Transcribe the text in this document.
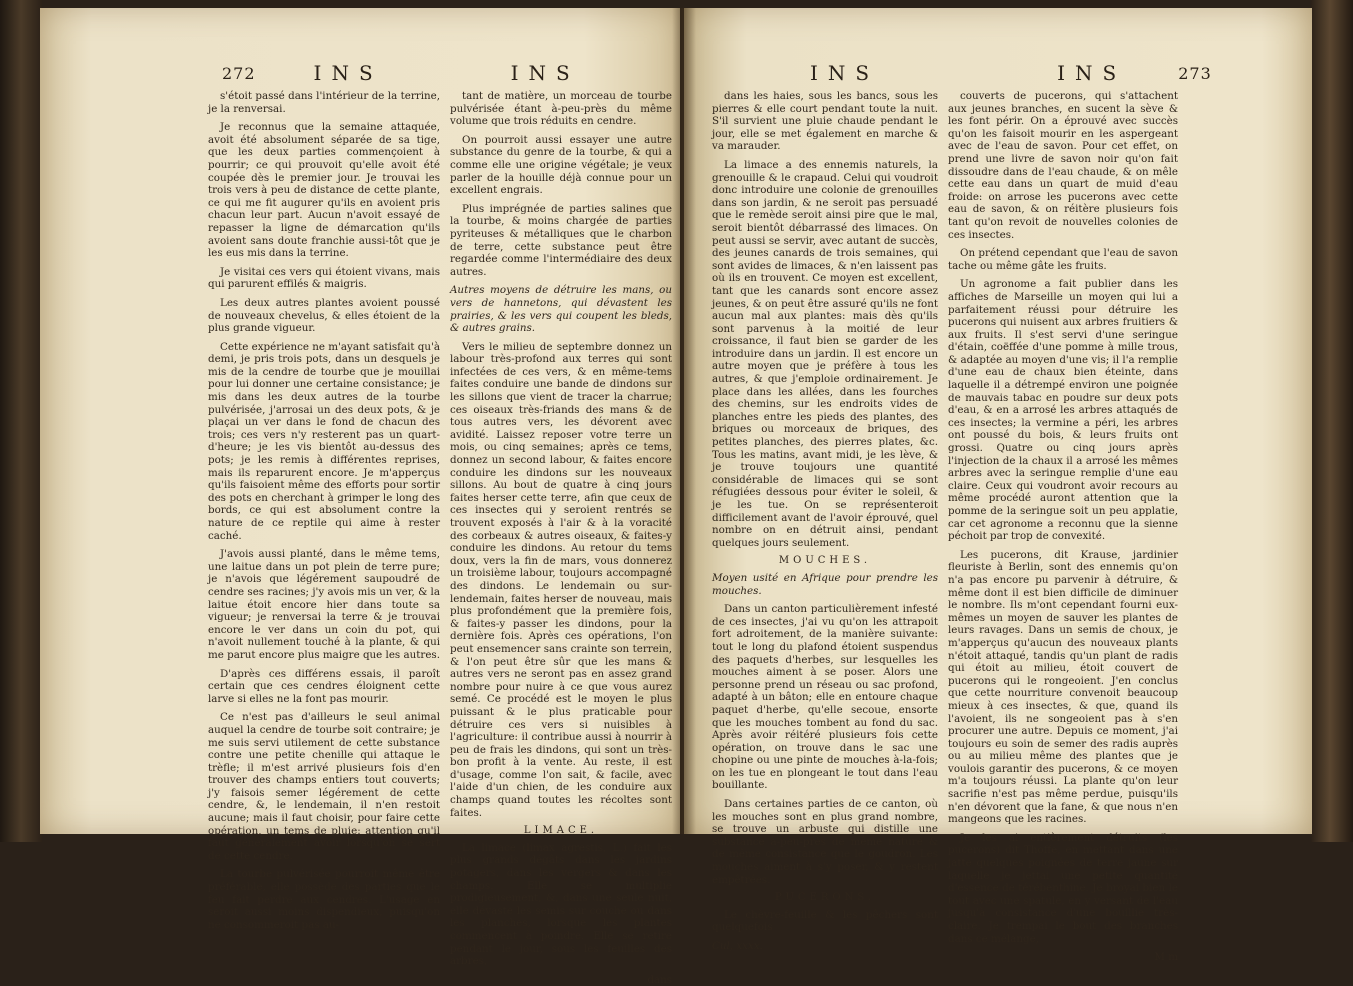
272	INS	INS	INS	INS	273

s'étoit passé dans l'intérieur de la terrine, je la renversai.

Je reconnus que la semaine attaquée, avoit été absolument séparée de sa tige, que les deux parties commençoient à pourrir; ce qui prouvoit qu'elle avoit été coupée dès le premier jour. Je trouvai les trois vers à peu de distance de cette plante, ce qui me fit augurer qu'ils en avoient pris chacun leur part. Aucun n'avoit essayé de repasser la ligne de démarcation qu'ils avoient sans doute franchie aussi-tôt que je les eus mis dans la terrine.

Je visitai ces vers qui étoient vivans, mais qui parurent effilés & maigris.

Les deux autres plantes avoient poussé de nouveaux chevelus, & elles étoient de la plus grande vigueur.

Cette expérience ne m'ayant satisfait qu'à demi, je pris trois pots, dans un desquels je mis de la cendre de tourbe que je mouillai pour lui donner une certaine consistance; je mis dans les deux autres de la tourbe pulvérisée, j'arrosai un des deux pots, & je plaçai un ver dans le fond de chacun des trois; ces vers n'y resterent pas un quart-d'heure; je les vis bientôt au-dessus des pots; je les remis à différentes reprises, mais ils reparurent encore. Je m'apperçus qu'ils faisoient même des efforts pour sortir des pots en cherchant à grimper le long des bords, ce qui est absolument contre la nature de ce reptile qui aime à rester caché.

J'avois aussi planté, dans le même tems, une laitue dans un pot plein de terre pure; je n'avois que légérement saupoudré de cendre ses racines; j'y avois mis un ver, & la laitue étoit encore hier dans toute sa vigueur; je renversai la terre & je trouvai encore le ver dans un coin du pot, qui n'avoit nullement touché à la plante, & qui me parut encore plus maigre que les autres.

D'après ces différens essais, il paroît certain que ces cendres éloignent cette larve si elles ne la font pas mourir.

Ce n'est pas d'ailleurs le seul animal auquel la cendre de tourbe soit contraire; je me suis servi utilement de cette substance contre une petite chenille qui attaque le trèfle; il m'est arrivé plusieurs fois d'en trouver des champs entiers tout couverts; j'y faisois semer légérement de cette cendre, &, le lendemain, il n'en restoit aucune; mais il faut choisir, pour faire cette opération, un tems de pluie: attention qu'il faut généralement avoir lorsqu'on se sert de cette cendre.

La tourbe pulvérisée pourroit même être préférable, elle possède des parties que le feu fait perdre aux cendres. L'usage en seroit aussi moins dispendieux, puisqu'on ne consommeroit pas au-

tant de matière, un morceau de tourbe pulvérisée étant à-peu-près du même volume que trois réduits en cendre.

On pourroit aussi essayer une autre substance du genre de la tourbe, & qui a comme elle une origine végétale; je veux parler de la houille déjà connue pour un excellent engrais.

Plus imprégnée de parties salines que la tourbe, & moins chargée de parties pyriteuses & métalliques que le charbon de terre, cette substance peut être regardée comme l'intermédiaire des deux autres.

Autres moyens de détruire les mans, ou vers de hannetons, qui dévastent les prairies, & les vers qui coupent les bleds, & autres grains.

Vers le milieu de septembre donnez un labour très-profond aux terres qui sont infectées de ces vers, & en même-tems faites conduire une bande de dindons sur les sillons que vient de tracer la charrue; ces oiseaux très-friands des mans & de tous autres vers, les dévorent avec avidité. Laissez reposer votre terre un mois, ou cinq semaines; après ce tems, donnez un second labour, & faites encore conduire les dindons sur les nouveaux sillons. Au bout de quatre à cinq jours faites herser cette terre, afin que ceux de ces insectes qui y seroient rentrés se trouvent exposés à l'air & à la voracité des corbeaux & autres oiseaux, & faites-y conduire les dindons. Au retour du tems doux, vers la fin de mars, vous donnerez un troisième labour, toujours accompagné des dindons. Le lendemain ou sur-lendemain, faites herser de nouveau, mais plus profondément que la première fois, & faites-y passer les dindons, pour la dernière fois. Après ces opérations, l'on peut ensemencer sans crainte son terrein, & l'on peut être sûr que les mans & autres vers ne seront pas en assez grand nombre pour nuire à ce que vous aurez semé. Ce procédé est le moyen le plus puissant & le plus praticable pour détruire ces vers si nuisibles à l'agriculture: il contribue aussi à nourrir à peu de frais les dindons, qui sont un très-bon profit à la vente. Au reste, il est d'usage, comme l'on sait, & facile, avec l'aide d'un chien, de les conduire aux champs quand toutes les récoltes sont faites.

LIMACE.

La limace (limax agrestis, L.) fait les plus grands dégâts dans les jardins potagers, dans les vergers & dans les champs. Elle se multiplie prodigieusement, &, dans une seule nuit, elle dévaste les semis sur couche ou dans les planches, lorsque les plantes commencent à poindre. Elle se retire pendant le jour, sous les feuilles des arbres,

dans

dans les haies, sous les bancs, sous les pierres & elle court pendant toute la nuit. S'il survient une pluie chaude pendant le jour, elle se met également en marche & va marauder.

La limace a des ennemis naturels, la grenouille & le crapaud. Celui qui voudroit donc introduire une colonie de grenouilles dans son jardin, & ne seroit pas persuadé que le remède seroit ainsi pire que le mal, seroit bientôt débarrassé des limaces. On peut aussi se servir, avec autant de succès, des jeunes canards de trois semaines, qui sont avides de limaces, & n'en laissent pas où ils en trouvent. Ce moyen est excellent, tant que les canards sont encore assez jeunes, & on peut être assuré qu'ils ne font aucun mal aux plantes: mais dès qu'ils sont parvenus à la moitié de leur croissance, il faut bien se garder de les introduire dans un jardin. Il est encore un autre moyen que je préfère à tous les autres, & que j'emploie ordinairement. Je place dans les allées, dans les fourches des chemins, sur les endroits vides de planches entre les pieds des plantes, des briques ou morceaux de briques, des petites planches, des pierres plates, &c. Tous les matins, avant midi, je les lève, & je trouve toujours une quantité considérable de limaces qui se sont réfugiées dessous pour éviter le soleil, & je les tue. On se représenteroit difficilement avant de l'avoir éprouvé, quel nombre on en détruit ainsi, pendant quelques jours seulement.

MOUCHES.

Moyen usité en Afrique pour prendre les mouches.

Dans un canton particulièrement infesté de ces insectes, j'ai vu qu'on les attrapoit fort adroitement, de la manière suivante: tout le long du plafond étoient suspendus des paquets d'herbes, sur lesquelles les mouches aiment à se poser. Alors une personne prend un réseau ou sac profond, adapté à un bâton; elle en entoure chaque paquet d'herbe, qu'elle secoue, ensorte que les mouches tombent au fond du sac. Après avoir réitéré plusieurs fois cette opération, on trouve dans le sac une chopine ou une pinte de mouches à-la-fois; on les tue en plongeant le tout dans l'eau bouillante.

Dans certaines parties de ce canton, où les mouches sont en plus grand nombre, se trouve un arbuste qui distille une substance à-peu-près de même nature & de même consistance que le goudron. Les mouches aiment à s'y poser, & y restent empêtrées.

PUCERONS.

Le chèvre-feuille & les pêchers sont quelquefois

Cul, xxxx.

couverts de pucerons, qui s'attachent aux jeunes branches, en sucent la sève & les font périr. On a éprouvé avec succès qu'on les faisoit mourir en les aspergeant avec de l'eau de savon. Pour cet effet, on prend une livre de savon noir qu'on fait dissoudre dans de l'eau chaude, & on mêle cette eau dans un quart de muid d'eau froide: on arrose les pucerons avec cette eau de savon, & on réitère plusieurs fois tant qu'on revoit de nouvelles colonies de ces insectes.

On prétend cependant que l'eau de savon tache ou même gâte les fruits.

Un agronome a fait publier dans les affiches de Marseille un moyen qui lui a parfaitement réussi pour détruire les pucerons qui nuisent aux arbres fruitiers & aux fruits. Il s'est servi d'une seringue d'étain, coëffée d'une pomme à mille trous, & adaptée au moyen d'une vis; il l'a remplie d'une eau de chaux bien éteinte, dans laquelle il a détrempé environ une poignée de mauvais tabac en poudre sur deux pots d'eau, & en a arrosé les arbres attaqués de ces insectes; la vermine a péri, les arbres ont poussé du bois, & leurs fruits ont grossi. Quatre ou cinq jours après l'injection de la chaux il a arrosé les mêmes arbres avec la seringue remplie d'une eau claire. Ceux qui voudront avoir recours au même procédé auront attention que la pomme de la seringue soit un peu applatie, car cet agronome a reconnu que la sienne péchoit par trop de convexité.

Les pucerons, dit Krause, jardinier fleuriste à Berlin, sont des ennemis qu'on n'a pas encore pu parvenir à détruire, & même dont il est bien difficile de diminuer le nombre. Ils m'ont cependant fourni eux-mêmes un moyen de sauver les plantes de leurs ravages. Dans un semis de choux, je m'apperçus qu'aucun des nouveaux plants n'étoit attaqué, tandis qu'un plant de radis qui étoit au milieu, étoit couvert de pucerons qui le rongeoient. J'en conclus que cette nourriture convenoit beaucoup mieux à ces insectes, & que, quand ils l'avoient, ils ne songeoient pas à s'en procurer une autre. Depuis ce moment, j'ai toujours eu soin de semer des radis auprès ou au milieu même des plantes que je voulois garantir des pucerons, & ce moyen m'a toujours réussi. La plante qu'on leur sacrifie n'est pas même perdue, puisqu'ils n'en dévorent que la fane, & que nous n'en mangeons que les racines.

Je les ai entièrement détruits (les pucerons) dit Thoffe, en mettant dans une jatte quelques poignées de terre jaune sur laquelle je jettai une petite quantité d'essence de térébenthine. Je broyai bien le tout avec une spatule, en y versant de l'eau jusqu'à consistance d'une bouillie très-claire. Je trempai le bout des branches dans ce mélange,

M m
